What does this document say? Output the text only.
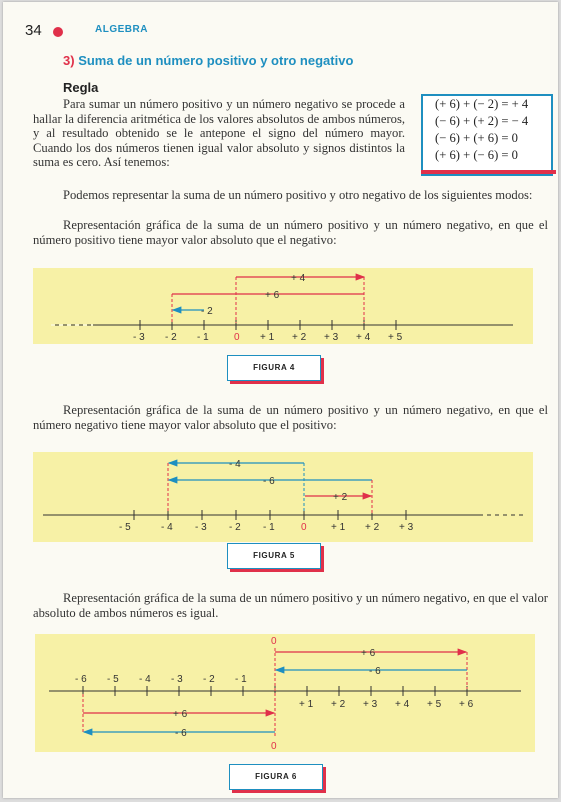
34	ALGEBRA
3) Suma de un número positivo y otro negativo
Regla
Para sumar un número positivo y un número negativo se procede a hallar la diferencia aritmética de los valores absolutos de ambos números, y al resultado obtenido se le antepone el signo del número mayor. Cuando los dos números tienen igual valor absoluto y signos distintos la suma es cero. Así tenemos:
(+ 6) + (− 2) = + 4
(− 6) + (+ 2) = − 4
(− 6) + (+ 6) = 0
(+ 6) + (− 6) = 0
Podemos representar la suma de un número positivo y otro negativo de los siguientes modos:
Representación gráfica de la suma de un número positivo y un número negativo, en que el número positivo tiene mayor valor absoluto que el negativo:
- 3 - 2 - 1	0 + 1 + 2 + 3 + 4 + 5
+ 4
+ 6
- 2
FIGURA 4
Representación gráfica de la suma de un número positivo y un número negativo, en que el número negativo tiene mayor valor absoluto que el positivo:
- 5	- 4 - 3 - 2 - 1	0 + 1 + 2 + 3
- 4
- 6
+ 2
FIGURA 5
Representación gráfica de la suma de un número positivo y un número negativo, en que el valor absoluto de ambos números es igual.
- 6 - 5 - 4 - 3 - 2 - 1
+ 1 + 2 + 3 + 4 + 5 + 6
0
0
+ 6
- 6
+ 6
- 6
FIGURA 6
